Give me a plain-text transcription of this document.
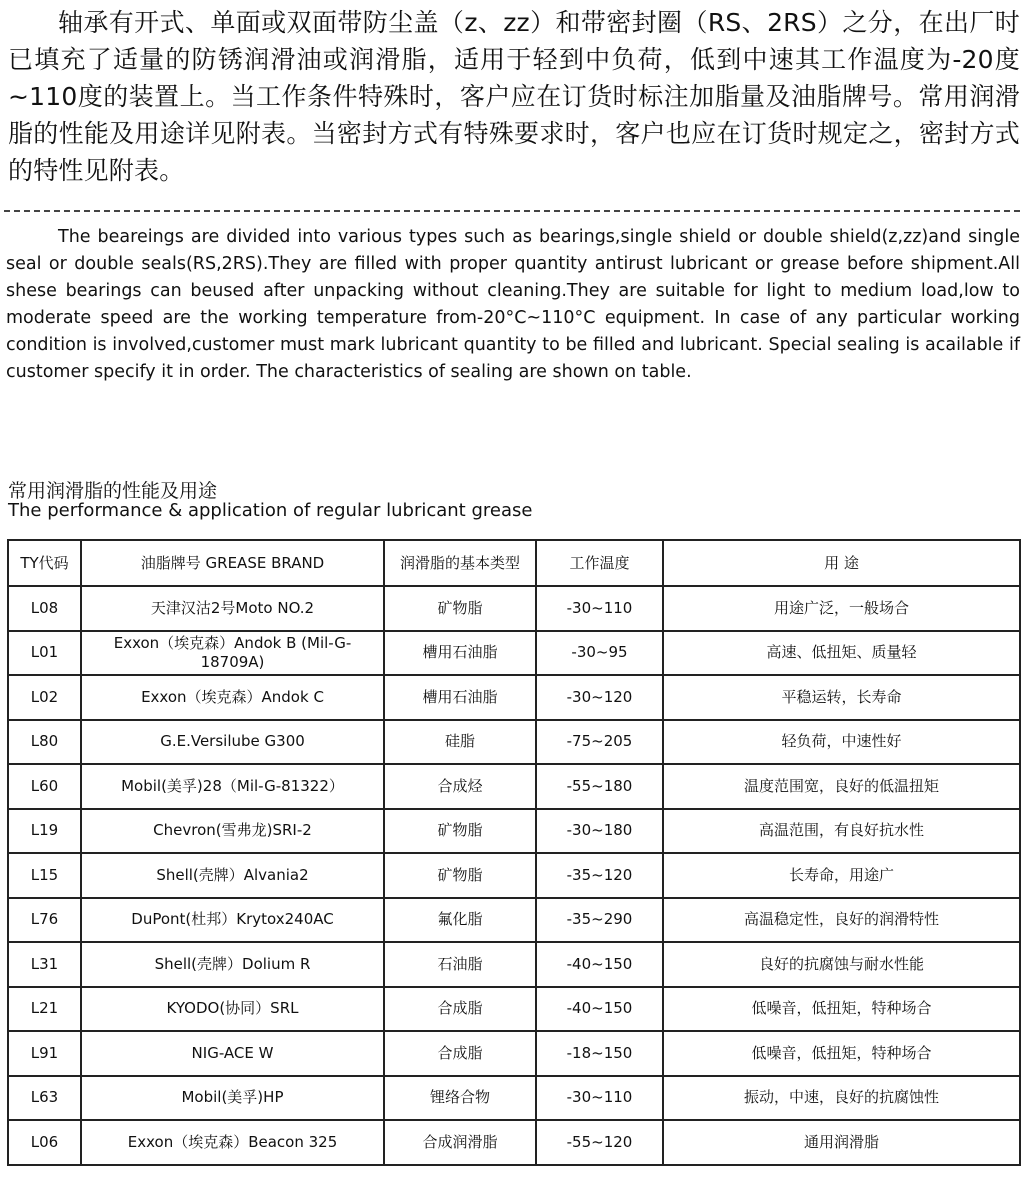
轴承有开式、单面或双面带防尘盖（z、zz）和带密封圈（RS、2RS）之分，在出厂时已填充了适量的防锈润滑油或润滑脂，适用于轻到中负荷，低到中速其工作温度为-20度~110度的装置上。当工作条件特殊时，客户应在订货时标注加脂量及油脂牌号。常用润滑脂的性能及用途详见附表。当密封方式有特殊要求时，客户也应在订货时规定之，密封方式的特性见附表。

The beareings are divided into various types such as bearings,single shield or double shield(z,zz)and single seal or double seals(RS,2RS).They are filled with proper quantity antirust lubricant or grease before shipment.All shese bearings can beused after unpacking without cleaning.They are suitable for light to medium load,low to moderate speed are the working temperature from-20°C~110°C equipment. In case of any particular working condition is involved,customer must mark lubricant quantity to be filled and lubricant. Special sealing is acailable if customer specify it in order. The characteristics of sealing are shown on table.

常用润滑脂的性能及用途

The performance & application of regular lubricant grease

TY代码	油脂牌号 GREASE BRAND	润滑脂的基本类型	工作温度	用 途
L08	天津汉沽2号Moto NO.2	矿物脂	-30~110	用途广泛，一般场合
L01	Exxon（埃克森）Andok B (Mil-G-18709A)	槽用石油脂	-30~95	高速、低扭矩、质量轻
L02	Exxon（埃克森）Andok C	槽用石油脂	-30~120	平稳运转，长寿命
L80	G.E.Versilube G300	硅脂	-75~205	轻负荷，中速性好
L60	Mobil(美孚)28（Mil-G-81322）	合成烃	-55~180	温度范围宽，良好的低温扭矩
L19	Chevron(雪弗龙)SRI-2	矿物脂	-30~180	高温范围，有良好抗水性
L15	Shell(壳牌）Alvania2	矿物脂	-35~120	长寿命，用途广
L76	DuPont(杜邦）Krytox240AC	氟化脂	-35~290	高温稳定性，良好的润滑特性
L31	Shell(壳牌）Dolium R	石油脂	-40~150	良好的抗腐蚀与耐水性能
L21	KYODO(协同）SRL	合成脂	-40~150	低噪音，低扭矩，特种场合
L91	NIG-ACE W	合成脂	-18~150	低噪音，低扭矩，特种场合
L63	Mobil(美孚)HP	锂络合物	-30~110	振动，中速，良好的抗腐蚀性
L06	Exxon（埃克森）Beacon 325	合成润滑脂	-55~120	通用润滑脂
